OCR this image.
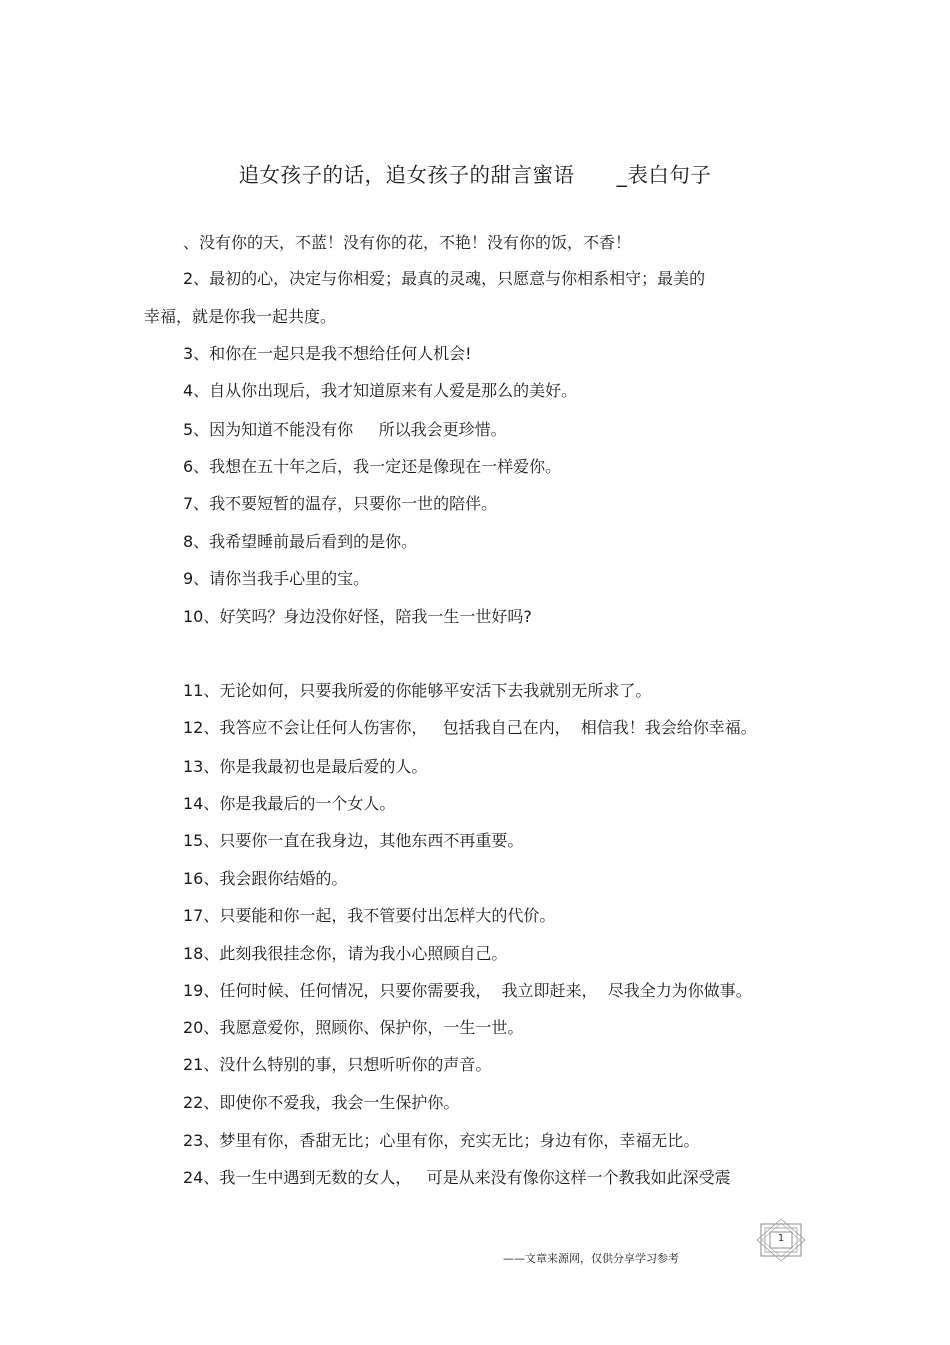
追女孩子的话，追女孩子的甜言蜜语      _表白句子
、没有你的天，不蓝！没有你的花，不艳！没有你的饭，不香！
2、最初的心，决定与你相爱；最真的灵魂，只愿意与你相系相守；最美的
幸福，就是你我一起共度。
3、和你在一起只是我不想给任何人机会!
4、自从你出现后，我才知道原来有人爱是那么的美好。
5、因为知道不能没有你     所以我会更珍惜。
6、我想在五十年之后，我一定还是像现在一样爱你。
7、我不要短暂的温存，只要你一世的陪伴。
8、我希望睡前最后看到的是你。
9、请你当我手心里的宝。
10、好笑吗？身边没你好怪，陪我一生一世好吗?
11、无论如何，只要我所爱的你能够平安活下去我就别无所求了。
12、我答应不会让任何人伤害你，   包括我自己在内，  相信我！我会给你幸福。
13、你是我最初也是最后爱的人。
14、你是我最后的一个女人。
15、只要你一直在我身边，其他东西不再重要。
16、我会跟你结婚的。
17、只要能和你一起，我不管要付出怎样大的代价。
18、此刻我很挂念你，请为我小心照顾自己。
19、任何时候、任何情况，只要你需要我，  我立即赶来，  尽我全力为你做事。
20、我愿意爱你，照顾你、保护你，一生一世。
21、没什么特别的事，只想听听你的声音。
22、即使你不爱我，我会一生保护你。
23、梦里有你，香甜无比；心里有你，充实无比；身边有你，幸福无比。
24、我一生中遇到无数的女人，   可是从来没有像你这样一个教我如此深受震
——文章来源网，仅供分享学习参考
1
